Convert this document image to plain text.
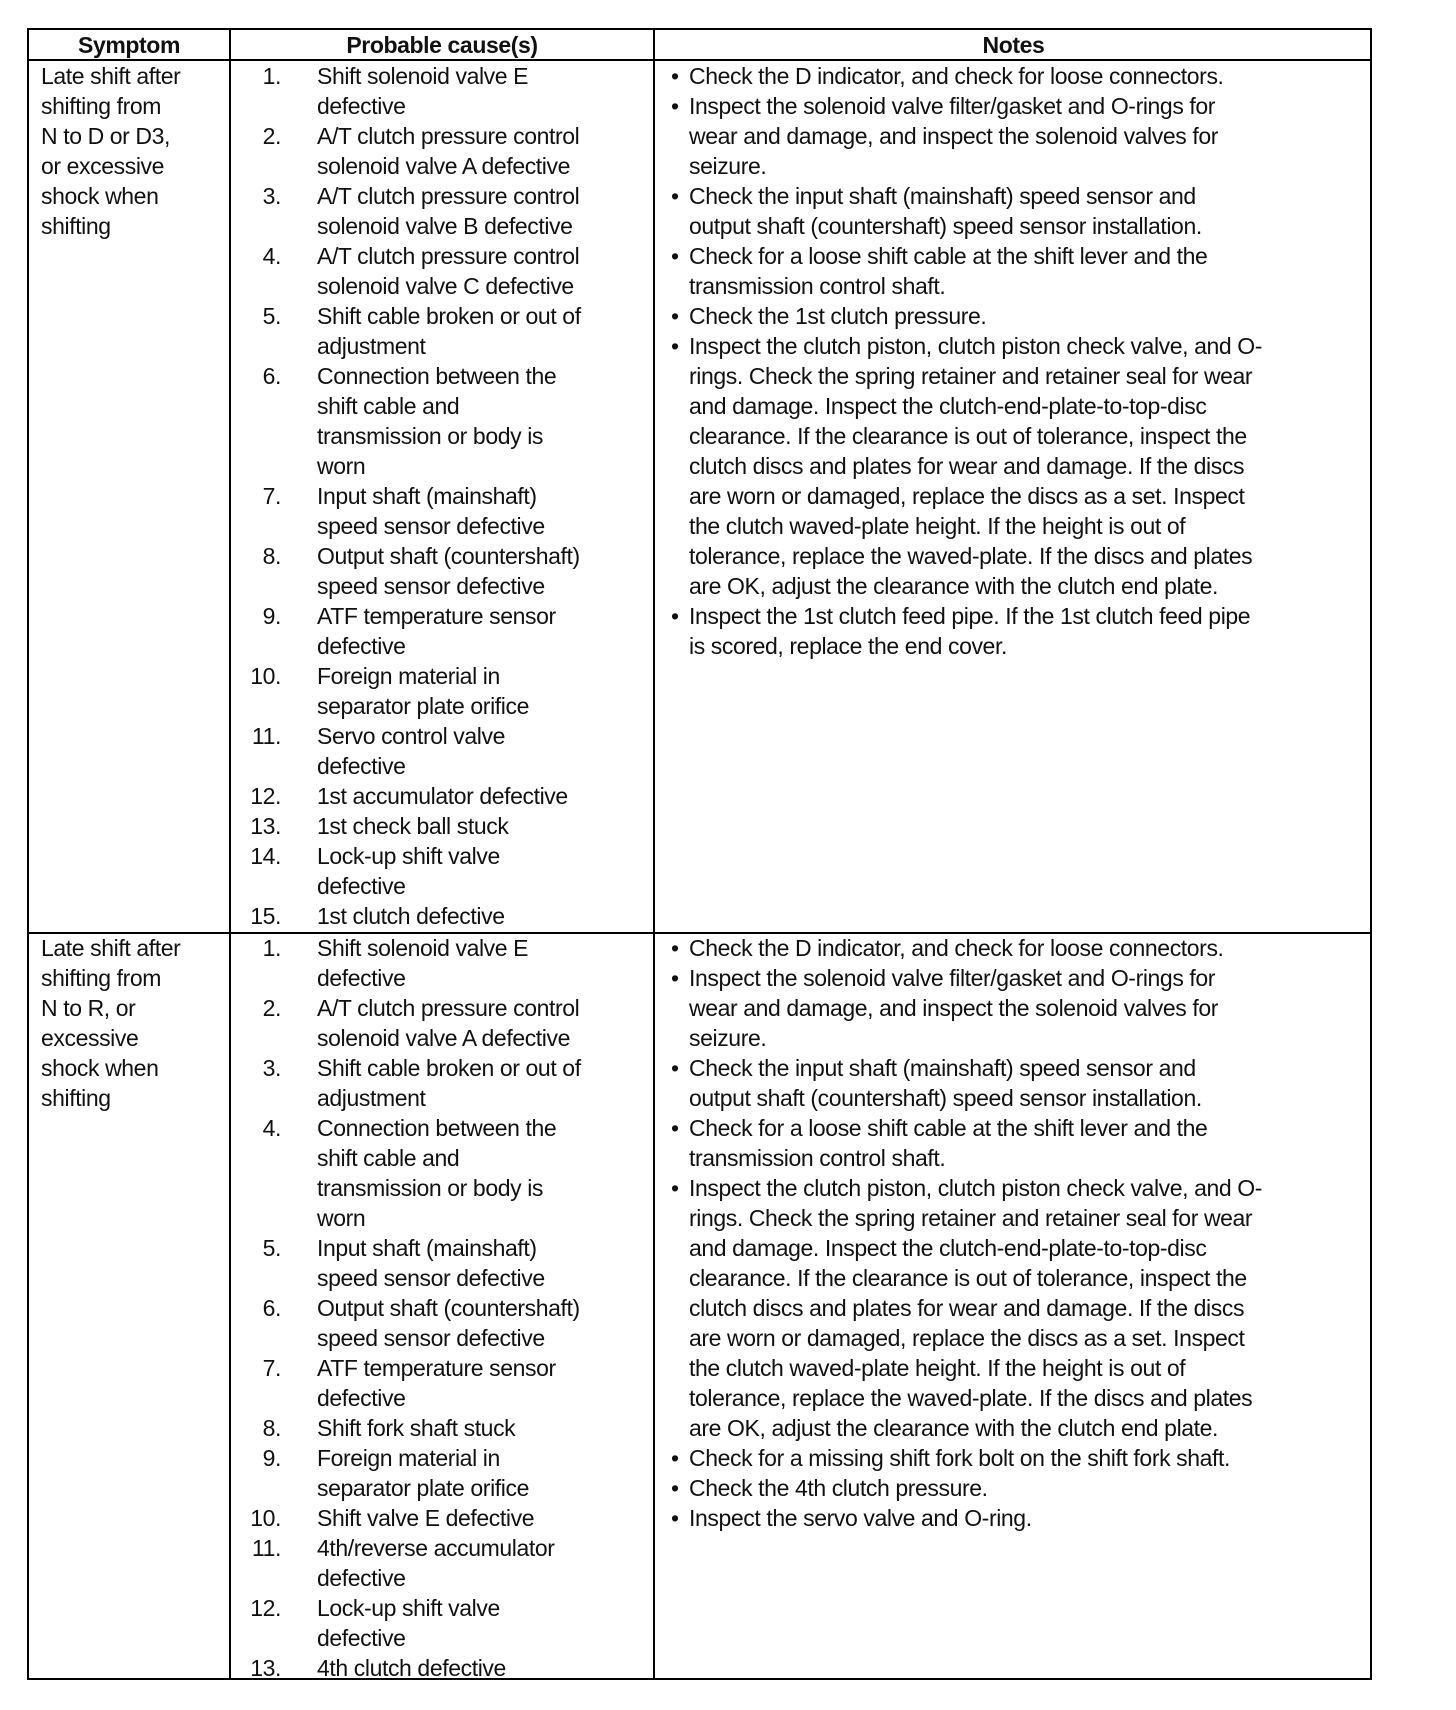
Symptom	Probable cause(s)	Notes
Late shift after
shifting from
N to D or D3,
or excessive
shock when
shifting
1. Shift solenoid valve E
defective
2. A/T clutch pressure control
solenoid valve A defective
3. A/T clutch pressure control
solenoid valve B defective
4. A/T clutch pressure control
solenoid valve C defective
5. Shift cable broken or out of
adjustment
6. Connection between the
shift cable and
transmission or body is
worn
7. Input shaft (mainshaft)
speed sensor defective
8. Output shaft (countershaft)
speed sensor defective
9. ATF temperature sensor
defective
10. Foreign material in
separator plate orifice
11. Servo control valve
defective
12. 1st accumulator defective
13. 1st check ball stuck
14. Lock-up shift valve
defective
15. 1st clutch defective
• Check the D indicator, and check for loose connectors.
• Inspect the solenoid valve filter/gasket and O-rings for
wear and damage, and inspect the solenoid valves for
seizure.
• Check the input shaft (mainshaft) speed sensor and
output shaft (countershaft) speed sensor installation.
• Check for a loose shift cable at the shift lever and the
transmission control shaft.
• Check the 1st clutch pressure.
• Inspect the clutch piston, clutch piston check valve, and O-
rings. Check the spring retainer and retainer seal for wear
and damage. Inspect the clutch-end-plate-to-top-disc
clearance. If the clearance is out of tolerance, inspect the
clutch discs and plates for wear and damage. If the discs
are worn or damaged, replace the discs as a set. Inspect
the clutch waved-plate height. If the height is out of
tolerance, replace the waved-plate. If the discs and plates
are OK, adjust the clearance with the clutch end plate.
• Inspect the 1st clutch feed pipe. If the 1st clutch feed pipe
is scored, replace the end cover.
Late shift after
shifting from
N to R, or
excessive
shock when
shifting
1. Shift solenoid valve E
defective
2. A/T clutch pressure control
solenoid valve A defective
3. Shift cable broken or out of
adjustment
4. Connection between the
shift cable and
transmission or body is
worn
5. Input shaft (mainshaft)
speed sensor defective
6. Output shaft (countershaft)
speed sensor defective
7. ATF temperature sensor
defective
8. Shift fork shaft stuck
9. Foreign material in
separator plate orifice
10. Shift valve E defective
11. 4th/reverse accumulator
defective
12. Lock-up shift valve
defective
13. 4th clutch defective
• Check the D indicator, and check for loose connectors.
• Inspect the solenoid valve filter/gasket and O-rings for
wear and damage, and inspect the solenoid valves for
seizure.
• Check the input shaft (mainshaft) speed sensor and
output shaft (countershaft) speed sensor installation.
• Check for a loose shift cable at the shift lever and the
transmission control shaft.
• Inspect the clutch piston, clutch piston check valve, and O-
rings. Check the spring retainer and retainer seal for wear
and damage. Inspect the clutch-end-plate-to-top-disc
clearance. If the clearance is out of tolerance, inspect the
clutch discs and plates for wear and damage. If the discs
are worn or damaged, replace the discs as a set. Inspect
the clutch waved-plate height. If the height is out of
tolerance, replace the waved-plate. If the discs and plates
are OK, adjust the clearance with the clutch end plate.
• Check for a missing shift fork bolt on the shift fork shaft.
• Check the 4th clutch pressure.
• Inspect the servo valve and O-ring.
